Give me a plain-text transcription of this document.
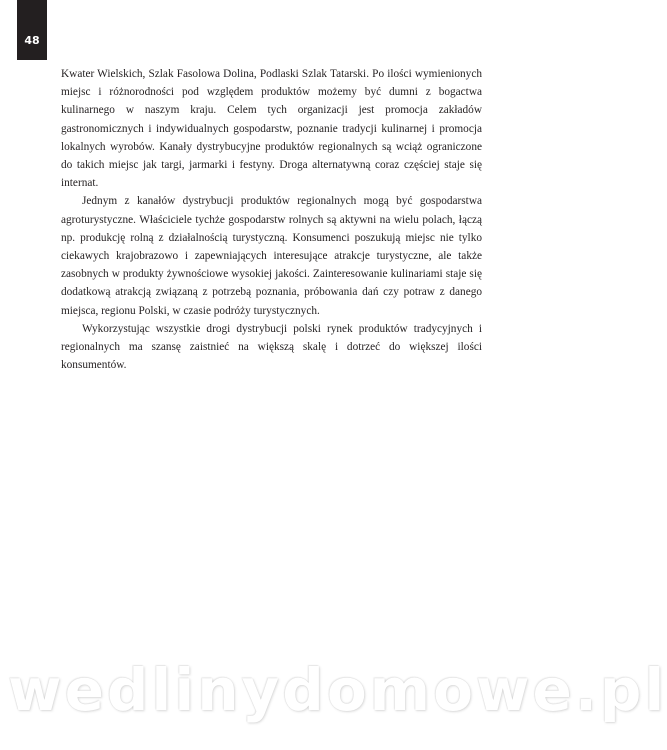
48

Kwater Wielskich, Szlak Fasolowa Dolina, Podlaski Szlak Tatarski. Po ilości wymienionych miejsc i różnorodności pod względem produktów możemy być dumni z bogactwa kulinarnego w naszym kraju. Celem tych organizacji jest promocja zakładów gastronomicznych i indywidualnych gospodarstw, poznanie tradycji kulinarnej i promocja lokalnych wyrobów. Kanały dystrybucyjne produktów regionalnych są wciąż ograniczone do takich miejsc jak targi, jarmarki i festyny. Droga alternatywną coraz częściej staje się internat.

Jednym z kanałów dystrybucji produktów regionalnych mogą być gospodarstwa agroturystyczne. Właściciele tychże gospodarstw rolnych są aktywni na wielu polach, łączą np. produkcję rolną z działalnością turystyczną. Konsumenci poszukują miejsc nie tylko ciekawych krajobrazowo i zapewniających interesujące atrakcje turystyczne, ale także zasobnych w produkty żywnościowe wysokiej jakości. Zainteresowanie kulinariami staje się dodatkową atrakcją związaną z potrzebą poznania, próbowania dań czy potraw z danego miejsca, regionu Polski, w czasie podróży turystycznych.

Wykorzystując wszystkie drogi dystrybucji polski rynek produktów tradycyjnych i regionalnych ma szansę zaistnieć na większą skalę i dotrzeć do większej ilości konsumentów.

wedlinydomowe.pl
